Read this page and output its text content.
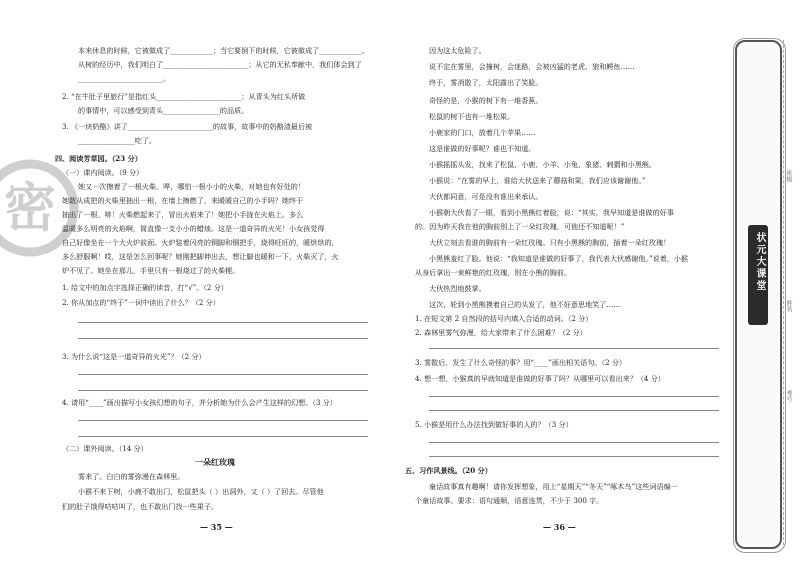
密
本来休息的时候，它被做成了____________；当它要倒下的时候，它被做成了____________。
从树的经历中，我们明白了________________________；从它的无私奉献中，我们体会到了
________________________。
2. “在牛肚子里旅行”是指红头________________________；从青头为红头所做
的事情中，可以感受到青头________________的品质。
3. 《一块奶酪》讲了________________________的故事，故事中的奶酪渣最后被
________________吃了。
四、阅读芳草园。（23 分）
（一）课内阅读。（9 分）
她又一次擦着了一根火柴。哗，哪怕一根小小的火柴，对她也有好处的！
她敢从成把的火柴里抽出一根，在墙上擦燃了，来暖暖自己的小手吗？她终于
抽出了一根。哧！火柴燃起来了，冒出火焰来了！她把小手拢在火焰上。多么
温暖多么明亮的火焰啊，简直像一支小小的蜡烛。这是一道奇异的火光！小女孩觉得
自己好像坐在一个大火炉前面。火炉装着闪亮的铜脚和铜把手，烧得旺旺的，暖烘烘的，
多么舒服啊！哎，这是怎么回事呢？她刚把脚伸出去，想让脚也暖和一下，火柴灭了，火
炉不见了。她坐在那儿，手里只有一根烧过了的火柴梗。
1. 给文中的加点字选择正确的读音，打“√”。（2 分）
2. 你从加点的“终于”一词中读出了什么？（2 分）
3. 为什么说“这是一道奇异的火光”？（2 分）
4. 请用“____”画出描写小女孩幻想的句子，并分析她为什么会产生这样的幻想。（3 分）
（二）课外阅读。（14 分）
一朵红玫瑰
雾来了。白白的雾弥漫在森林里。
小猴不来下树，小鹿不敢出门，松鼠把头（ ）出洞外，又（ ）了回去。尽管他
们的肚子饿得咕咕叫了，也不敢出门找一些果子。
— 35 —
因为这太危险了。
说不定在雾里，会撞树，会迷路，会被凶猛的老虎、狼和鳄鱼……
终于，雾消散了，太阳露出了笑脸。
奇怪的是，小猴的树下有一堆香蕉。
松鼠的树下也有一堆松果。
小鹿家的门口，放着几个苹果……
这是谁做的好事呢？谁也不知道。
小猴摇摇头发，找来了松鼠、小鹿、小羊、小兔、象猪、刺猬和小黑熊。
小猴说：“在雾的早上，谁给大伙送来了蘑菇和果，我们应该谢谢他。”
大伙都同意，可是没有谁出来承认。
小猴朝大伙看了一眼，看到小黑熊红着脸，说：“其实，我早知道是谁做的好事
的。因为昨天我在他的胸前别上了一朵红玫瑰，可他还不知道呢！”
大伙立刻去看谁的胸前有一朵红玫瑰。只有小黑熊的胸前，插着一朵红玫瑰！
小黑熊羞红了脸。他说：“我知道是谁做的好事了，我代表大伙感谢他。”说着，小猴
从身后拿出一束鲜艳的红玫瑰，别在小熊的胸前。
大伙热烈地鼓掌。
这次，轮到小黑熊摸着自己的头发了，他不好意思地笑了……
1. 在短文第 2 自然段的括号内填入合适的动词。（2 分）
2. 森林里雾气弥漫，给大家带来了什么困难？（2 分）
3. 雾散后，发生了什么奇怪的事？用“____”画出相关语句。（2 分）
4. 想一想，小猴真的早就知道是谁做的好事了吗？从哪里可以看出来？（4 分）
5. 小猴是用什么办法找到做好事的人的？（3 分）
五、习作风景线。（20 分）
童话故事真有趣啊！请你发挥想象，用上“星期天”“冬天”“啄木鸟”这些词语编一
个童话故事。要求：语句通顺，语意连贯，不少于 300 字。
— 36 —
班级
姓名
考号
状元大课堂
